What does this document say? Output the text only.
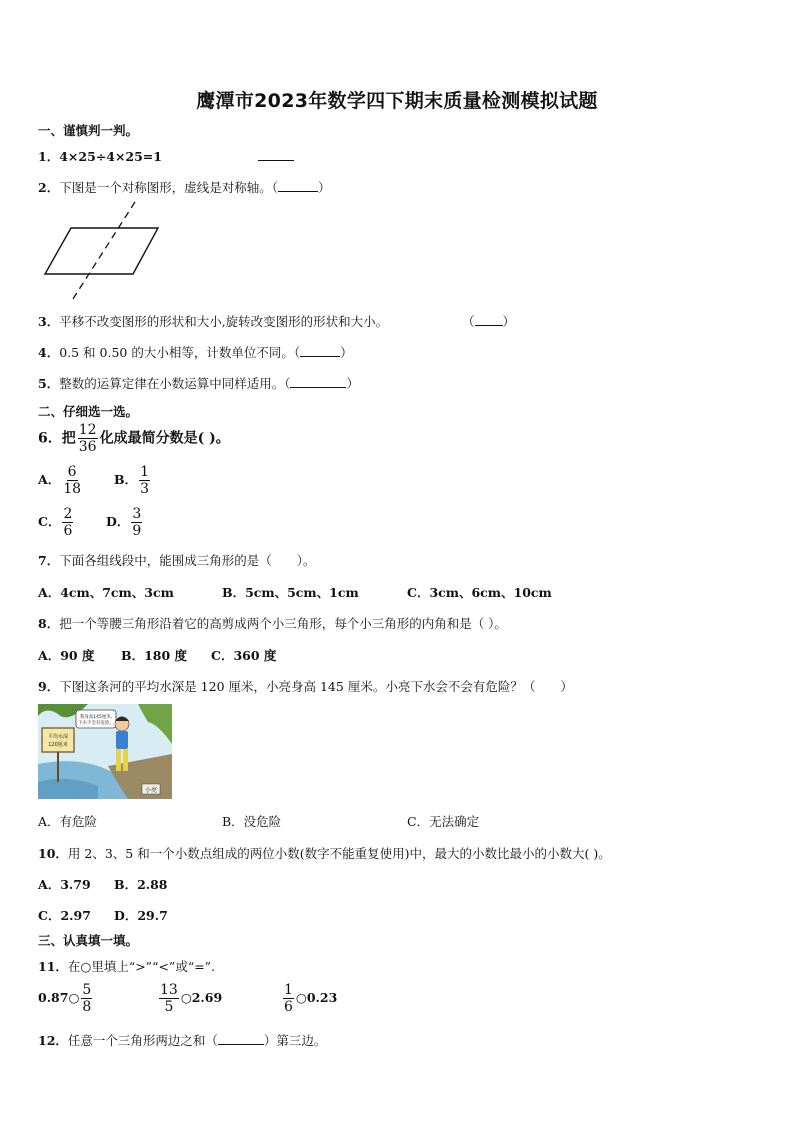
鹰潭市2023年数学四下期末质量检测模拟试题
一、谨慎判一判。
1．4×25÷4×25=1
2．下图是一个对称图形，虚线是对称轴。（	）
3．平移不改变图形的形状和大小,旋转改变图形的形状和大小。	（ ）
4．0.5 和 0.50 的大小相等，计数单位不同。（	）
5．整数的运算定律在小数运算中同样适用。（	）
二、仔细选一选。
6．把 $\frac{12}{36}$ 化成最简分数是( )。
A． $\frac{6}{18}$	B． $\frac{1}{3}$
C． $\frac{2}{6}$	D． $\frac{3}{9}$
7．下面各组线段中，能围成三角形的是（　　）。
A．4cm、7cm、3cm	B．5cm、5cm、1cm	C．3cm、6cm、10cm
8．把一个等腰三角形沿着它的高剪成两个小三角形，每个小三角形的内角和是（ ）。
A．90 度 B．180 度 C．360 度
9．下图这条河的平均水深是 120 厘米，小亮身高 145 厘米。小亮下水会不会有危险？（　　）
平均水深
120厘米
我身高145厘米,
下水不会有危险。
小亮
A．有危险	B．没危险	C．无法确定
10．用 2、3、5 和一个小数点组成的两位小数(数字不能重复使用)中，最大的小数比最小的小数大( )。
A．3.79 B．2.88
C．2.97 D．29.7
三、认真填一填。
11．在○里填上“>”“<”或“=”.
0.87○ $\frac{5}{8}$	$\frac{13}{5}$ ○2.69	$\frac{1}{6}$ ○0.23
12．任意一个三角形两边之和（	）第三边。
